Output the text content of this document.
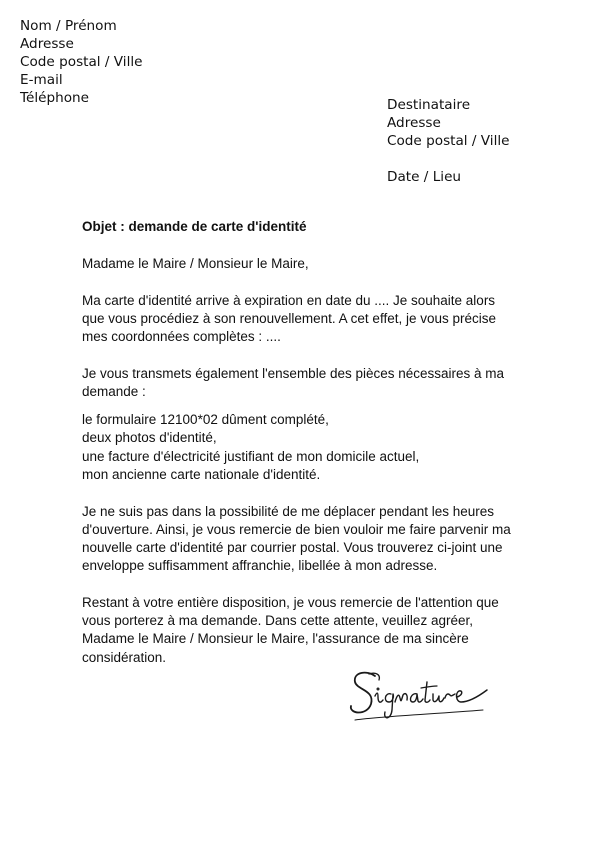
Nom / Prénom
Adresse
Code postal / Ville
E-mail
Téléphone	Destinataire
Adresse
Code postal / Ville
Date / Lieu

Objet : demande de carte d'identité

Madame le Maire / Monsieur le Maire,

Ma carte d'identité arrive à expiration en date du .... Je souhaite alors que vous procédiez à son renouvellement. A cet effet, je vous précise mes coordonnées complètes : ....

Je vous transmets également l'ensemble des pièces nécessaires à ma demande :

le formulaire 12100*02 dûment complété,
deux photos d'identité,
une facture d'électricité justifiant de mon domicile actuel,
mon ancienne carte nationale d'identité.

Je ne suis pas dans la possibilité de me déplacer pendant les heures d'ouverture. Ainsi, je vous remercie de bien vouloir me faire parvenir ma nouvelle carte d'identité par courrier postal. Vous trouverez ci-joint une enveloppe suffisamment affranchie, libellée à mon adresse.

Restant à votre entière disposition, je vous remercie de l'attention que vous porterez à ma demande. Dans cette attente, veuillez agréer, Madame le Maire / Monsieur le Maire, l'assurance de ma sincère considération.
